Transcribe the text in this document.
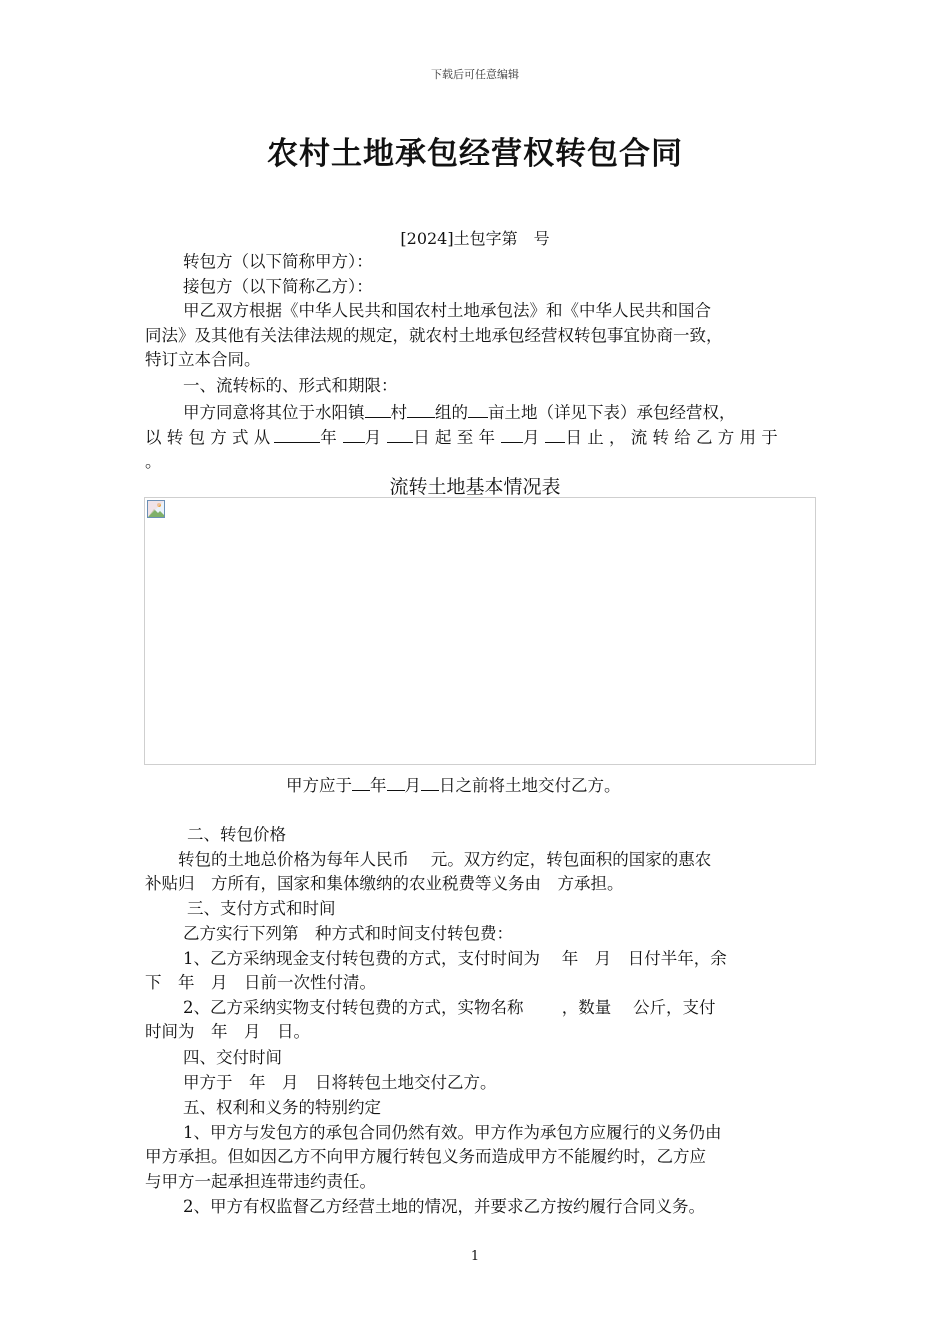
下载后可任意编辑
农村土地承包经营权转包合同
[2024]土包字第　号
转包方（以下简称甲方）：
接包方（以下简称乙方）：
甲乙双方根据《中华人民共和国农村土地承包法》和《中华人民共和国合
同法》及其他有关法律法规的规定，就农村土地承包经营权转包事宜协商一致，
特订立本合同。
一、流转标的、形式和期限：
甲方同意将其位于水阳镇 村 组的 亩土地（详见下表）承包经营权，
以 转 包 方 式 从	年 月 日 起 至 年 月 日 止 ， 流 转 给 乙 方 用 于
。
流转土地基本情况表
甲方应于 年 月 日之前将土地交付乙方。
二、转包价格
转包的土地总价格为每年人民币　 元。双方约定，转包面积的国家的惠农
补贴归　方所有，国家和集体缴纳的农业税费等义务由　方承担。
三、支付方式和时间
乙方实行下列第　种方式和时间支付转包费：
1、乙方采纳现金支付转包费的方式，支付时间为　 年　月　日付半年，余
下　年　月　日前一次性付清。
2、乙方采纳实物支付转包费的方式，实物名称　　 ，数量　 公斤，支付
时间为　年　月　日。
四、交付时间
甲方于　年　月　日将转包土地交付乙方。
五、权利和义务的特别约定
1、甲方与发包方的承包合同仍然有效。甲方作为承包方应履行的义务仍由
甲方承担。但如因乙方不向甲方履行转包义务而造成甲方不能履约时，乙方应
与甲方一起承担连带违约责任。
2、甲方有权监督乙方经营土地的情况，并要求乙方按约履行合同义务。
1
